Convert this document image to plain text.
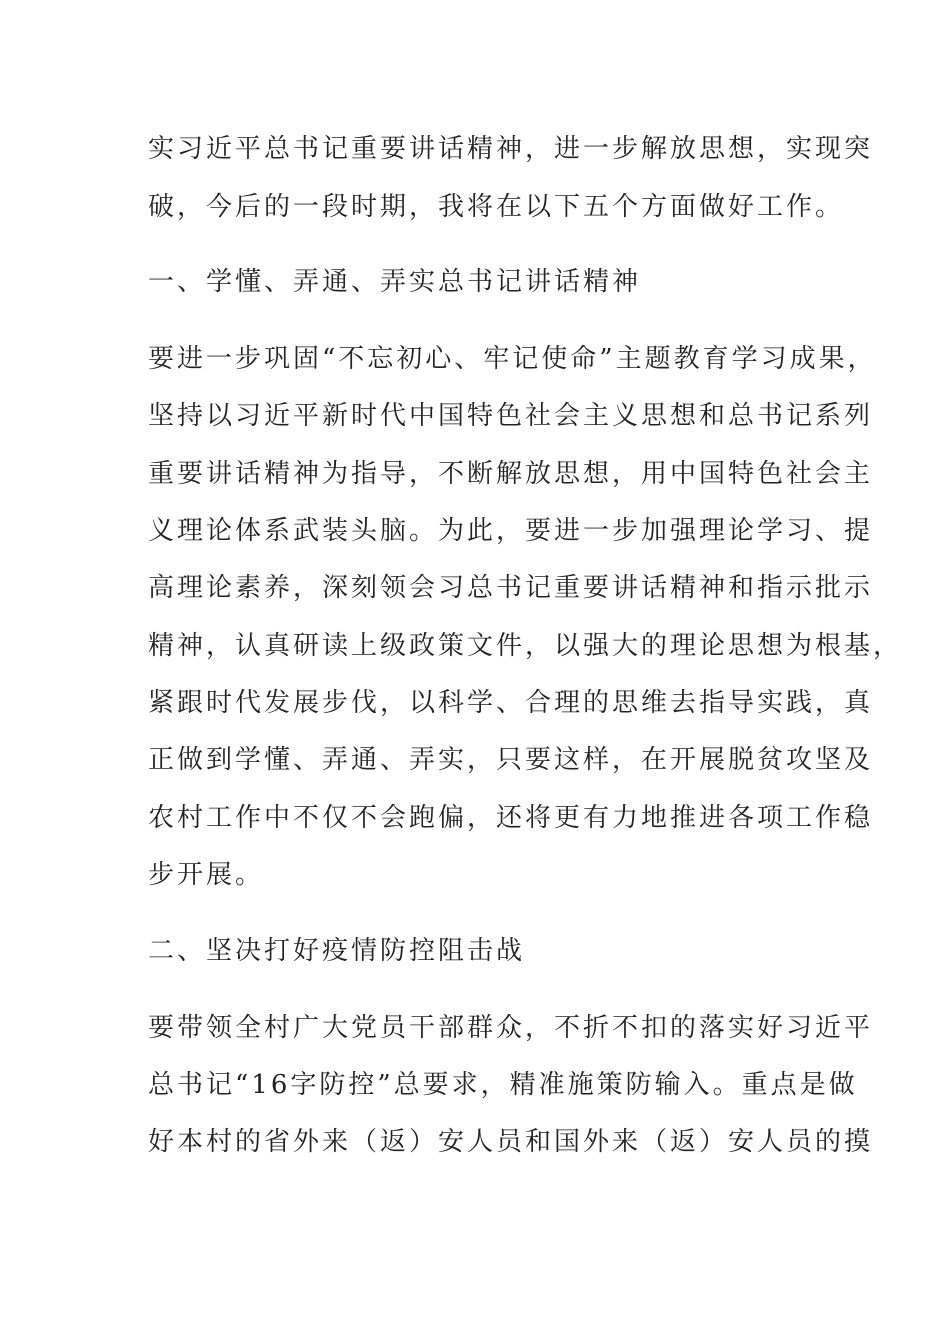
实习近平总书记重要讲话精神，进一步解放思想，实现突
破，今后的一段时期，我将在以下五个方面做好工作。
一、学懂、弄通、弄实总书记讲话精神
要进一步巩固“不忘初心、牢记使命”主题教育学习成果，
坚持以习近平新时代中国特色社会主义思想和总书记系列
重要讲话精神为指导，不断解放思想，用中国特色社会主
义理论体系武装头脑。为此，要进一步加强理论学习、提
高理论素养，深刻领会习总书记重要讲话精神和指示批示
精神，认真研读上级政策文件，以强大的理论思想为根基，
紧跟时代发展步伐，以科学、合理的思维去指导实践，真
正做到学懂、弄通、弄实，只要这样，在开展脱贫攻坚及
农村工作中不仅不会跑偏，还将更有力地推进各项工作稳
步开展。
二、坚决打好疫情防控阻击战
要带领全村广大党员干部群众，不折不扣的落实好习近平
总书记“16字防控”总要求，精准施策防输入。重点是做
好本村的省外来（返）安人员和国外来（返）安人员的摸
